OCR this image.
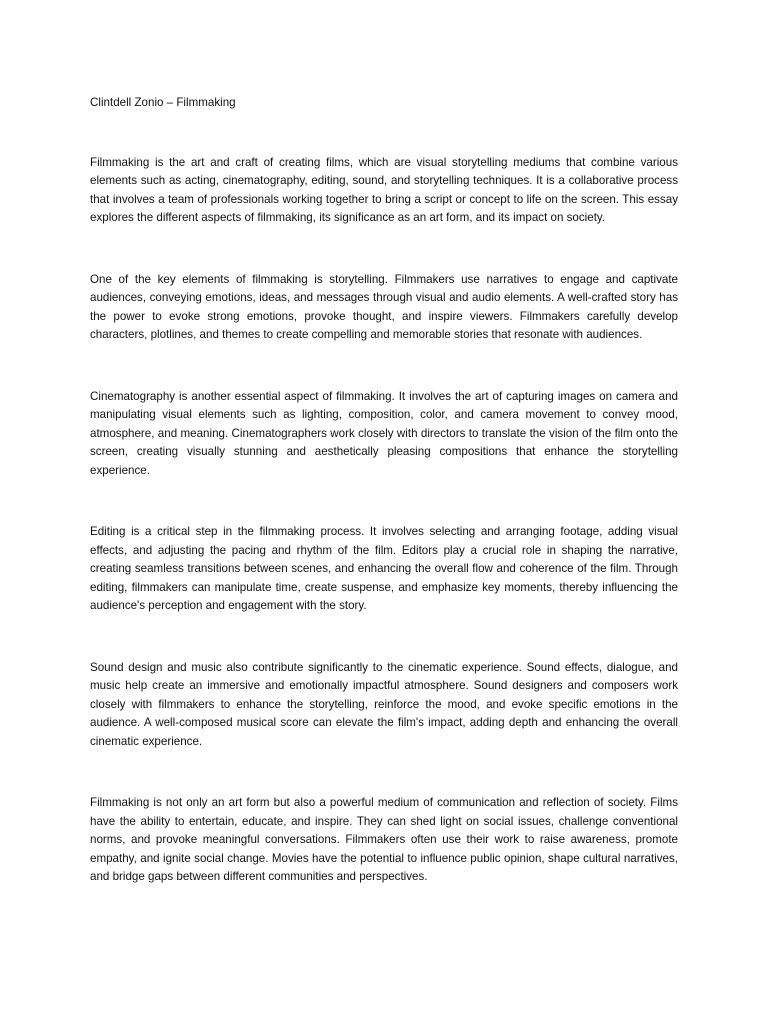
Clintdell Zonio – Filmmaking

Filmmaking is the art and craft of creating films, which are visual storytelling mediums that combine various elements such as acting, cinematography, editing, sound, and storytelling techniques. It is a collaborative process that involves a team of professionals working together to bring a script or concept to life on the screen. This essay explores the different aspects of filmmaking, its significance as an art form, and its impact on society.

One of the key elements of filmmaking is storytelling. Filmmakers use narratives to engage and captivate audiences, conveying emotions, ideas, and messages through visual and audio elements. A well-crafted story has the power to evoke strong emotions, provoke thought, and inspire viewers. Filmmakers carefully develop characters, plotlines, and themes to create compelling and memorable stories that resonate with audiences.

Cinematography is another essential aspect of filmmaking. It involves the art of capturing images on camera and manipulating visual elements such as lighting, composition, color, and camera movement to convey mood, atmosphere, and meaning. Cinematographers work closely with directors to translate the vision of the film onto the screen, creating visually stunning and aesthetically pleasing compositions that enhance the storytelling experience.

Editing is a critical step in the filmmaking process. It involves selecting and arranging footage, adding visual effects, and adjusting the pacing and rhythm of the film. Editors play a crucial role in shaping the narrative, creating seamless transitions between scenes, and enhancing the overall flow and coherence of the film. Through editing, filmmakers can manipulate time, create suspense, and emphasize key moments, thereby influencing the audience's perception and engagement with the story.

Sound design and music also contribute significantly to the cinematic experience. Sound effects, dialogue, and music help create an immersive and emotionally impactful atmosphere. Sound designers and composers work closely with filmmakers to enhance the storytelling, reinforce the mood, and evoke specific emotions in the audience. A well-composed musical score can elevate the film's impact, adding depth and enhancing the overall cinematic experience.

Filmmaking is not only an art form but also a powerful medium of communication and reflection of society. Films have the ability to entertain, educate, and inspire. They can shed light on social issues, challenge conventional norms, and provoke meaningful conversations. Filmmakers often use their work to raise awareness, promote empathy, and ignite social change. Movies have the potential to influence public opinion, shape cultural narratives, and bridge gaps between different communities and perspectives.
